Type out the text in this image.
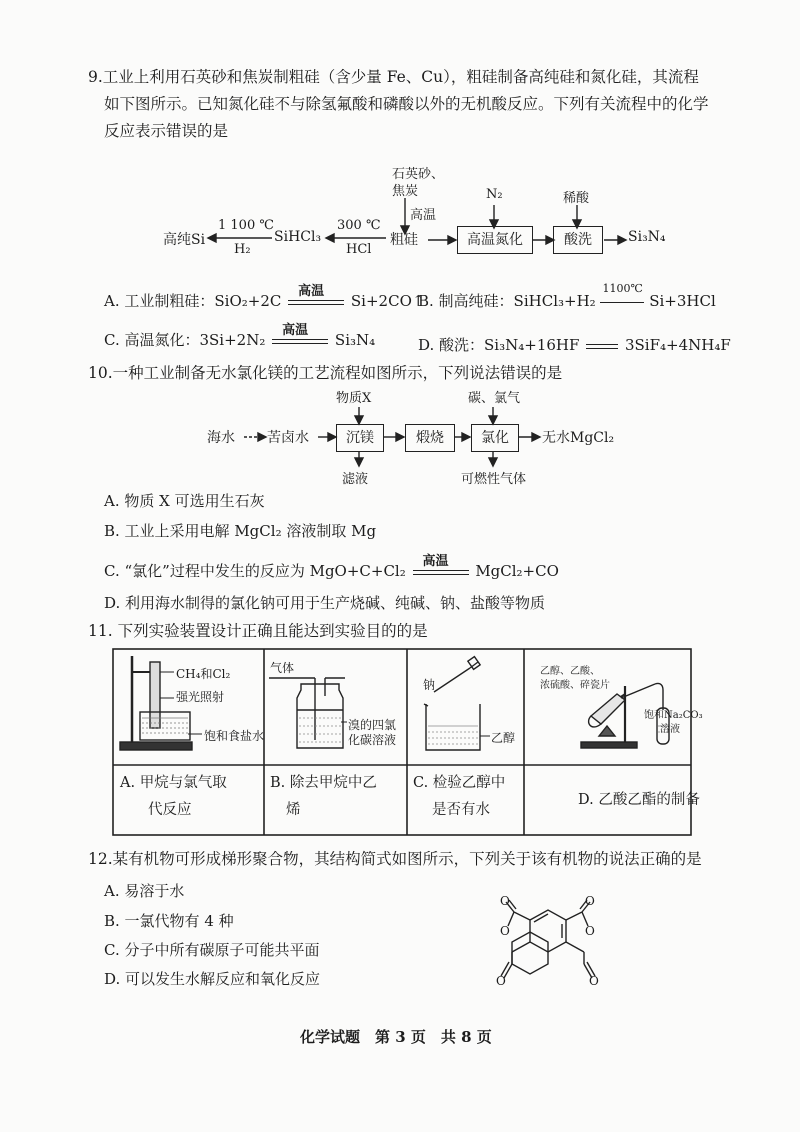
9.工业上利用石英砂和焦炭制粗硅（含少量 Fe、Cu），粗硅制备高纯硅和氮化硅，其流程
如下图所示。已知氮化硅不与除氢氟酸和磷酸以外的无机酸反应。下列有关流程中的化学
反应表示错误的是
石英砂、
焦炭
高温
N₂	稀酸
高纯Si
1 100 ℃
H₂
SiHCl₃
300 ℃
HCl
粗硅	高温氮化	酸洗	Si₃N₄
A. 工业制粗硅：SiO₂+2C
高温
Si+2CO↑
B. 制高纯硅：SiHCl₃+H₂
1100℃
Si+3HCl
C. 高温氮化：3Si+2N₂
高温
Si₃N₄	D. 酸洗：Si₃N₄+16HF	3SiF₄+4NH₄F
10.一种工业制备无水氯化镁的工艺流程如图所示，下列说法错误的是
物质X	碳、氯气
海水 苦卤水	沉镁	煅烧	氯化	无水MgCl₂
滤液	可燃性气体
A. 物质 X 可选用生石灰
B. 工业上采用电解 MgCl₂ 溶液制取 Mg
C. “氯化”过程中发生的反应为 MgO+C+Cl₂
高温
MgCl₂+CO
D. 利用海水制得的氯化钠可用于生产烧碱、纯碱、钠、盐酸等物质
11. 下列实验装置设计正确且能达到实验目的的是
CH₄和Cl₂
强光照射
饱和食盐水
气体
溴的四氯
化碳溶液
钠
乙醇
乙醇、乙酸、
浓硫酸、碎瓷片
饱和Na₂CO₃
溶液
A. 甲烷与氯气取
代反应
B. 除去甲烷中乙
烯
C. 检验乙醇中
是否有水
D. 乙酸乙酯的制备
12.某有机物可形成梯形聚合物，其结构简式如图所示，下列关于该有机物的说法正确的是
A. 易溶于水
B. 一氯代物有 4 种
C. 分子中所有碳原子可能共平面
D. 可以发生水解反应和氧化反应
O	O
O	O
O	O
化学试题　第 3 页　共 8 页
